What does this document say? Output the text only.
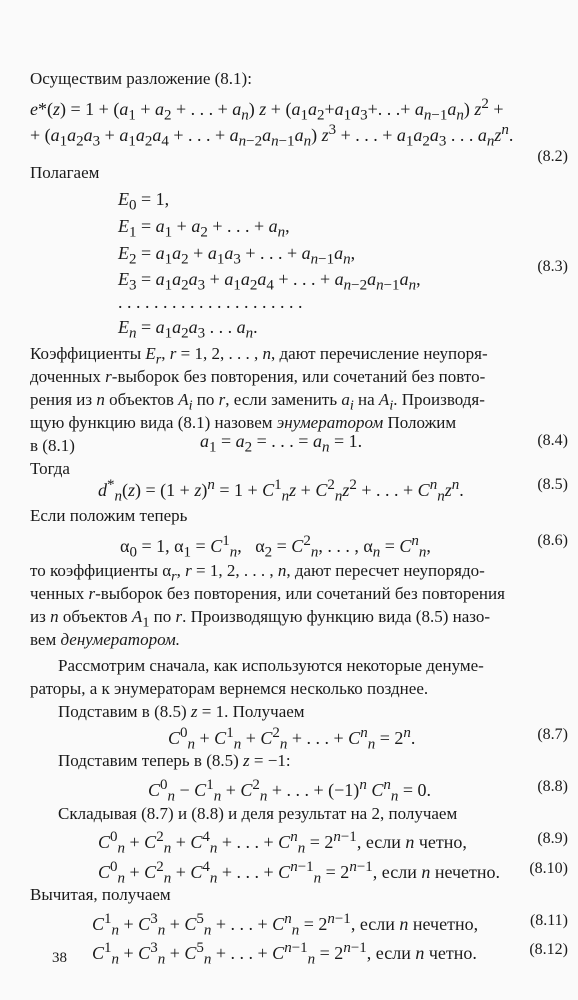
Осуществим разложение (8.1):
$e*(z) = 1 + (a_1 + a_2$ + . . . + $a_n$) $z + (a_1a_2+a_1a_3+$. . .+ $a_{n-1}a_n$) $z^2$ +
+ ($a_1a_2a_3 + a_1a_2a_4$ + . . . + $a_{n-2}a_{n-1}a_n$) $z^3$ + . . . + $a_1a_2a_3$ . . . $a_nz^n$.
Полагаем
$E_0 = 1$,
$E_1 = a_1 + a_2$ + . . . + $a_n$,
$E_2 = a_1a_2 + a_1a_3$ + . . . + $a_{n-1}a_n$,
$E_3 = a_1a_2a_3 + a_1a_2a_4$ + . . . + $a_{n-2}a_{n-1}a_n$,
. . . . . . . . . . . . . . . . . . . . .
$E_n = a_1a_2a_3$ . . . $a_n$.
Коэффициенты $E_r$, r = 1, 2, . . . , n, дают перечисление неупоря-
доченных r-выборок без повторения, или сочетаний без повто-
рения из n объектов $A_i$ по r, если заменить $a_i$ на $A_i$. Производя-
щую функцию вида (8.1) назовем энумератором Положим
в (8.1)	$a_1 = a_2$ = . . . = $a_n = 1$.
Тогда
$d^*_n(z) = (1 + z)^n = 1 + C^1_nz + C^2_nz^2$ + . . . + $C^n_nz^n$.
Если положим теперь
$\alpha_0 = 1$, $\alpha_1 = C^1_n$,   $\alpha_2 = C^2_n$, . . . , $\alpha_n = C^n_n$,
то коэффициенты $\alpha_r$, r = 1, 2, . . . , n, дают пересчет неупорядо-
ченных r-выборок без повторения, или сочетаний без повторения
из n объектов $A_1$ по r. Производящую функцию вида (8.5) назо-
вем денумератором.
Рассмотрим сначала, как используются некоторые денуме-
раторы, а к энумераторам вернемся несколько позднее.
Подставим в (8.5) z = 1. Получаем
$C^0_n + C^1_n + C^2_n$ + . . . + $C^n_n = 2^n$.
Подставим теперь в (8.5) z = −1:
$C^0_n - C^1_n + C^2_n$ + . . . + $(-1)^n$ $C^n_n = 0$.
Складывая (8.7) и (8.8) и деля результат на 2, получаем
$C^0_n + C^2_n + C^4_n$ + . . . + $C^n_n = 2^{n-1}$, если n четно,
$C^0_n + C^2_n + C^4_n$ + . . . + $C^{n-1}_n = 2^{n-1}$, если n нечетно.
Вычитая, получаем
$C^1_n + C^3_n + C^5_n$ + . . . + $C^n_n = 2^{n-1}$, если n нечетно,
$C^1_n + C^3_n + C^5_n$ + . . . + $C^{n-1}_n = 2^{n-1}$, если n четно.
(8.2)
(8.3)
(8.4)
(8.5)
(8.6)
(8.7)
(8.8)
(8.9)
(8.10)
(8.11)
(8.12)
38
